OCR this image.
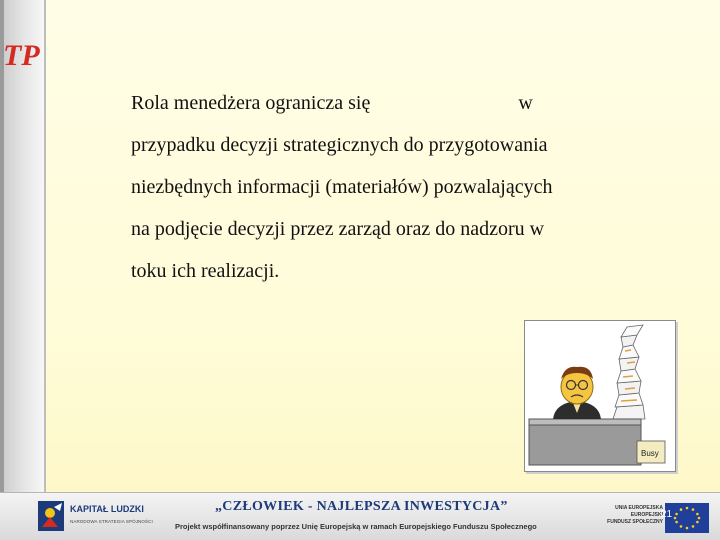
TP

Rola menedżera ogranicza się	w

przypadku decyzji strategicznych do przygotowania

niezbędnych informacji (materiałów) pozwalających

na podjęcie decyzji przez zarząd oraz do nadzoru w

toku ich realizacji.

Busy
KAPITAŁ LUDZKI
NARODOWA STRATEGIA SPÓJNOŚCI
„CZŁOWIEK - NAJLEPSZA INWESTYCJA”
Projekt współfinansowany poprzez Unię Europejską w ramach Europejskiego Funduszu Społecznego
UNIA EUROPEJSKA
EUROPEJSKI
FUNDUSZ SPOŁECZNY
21
